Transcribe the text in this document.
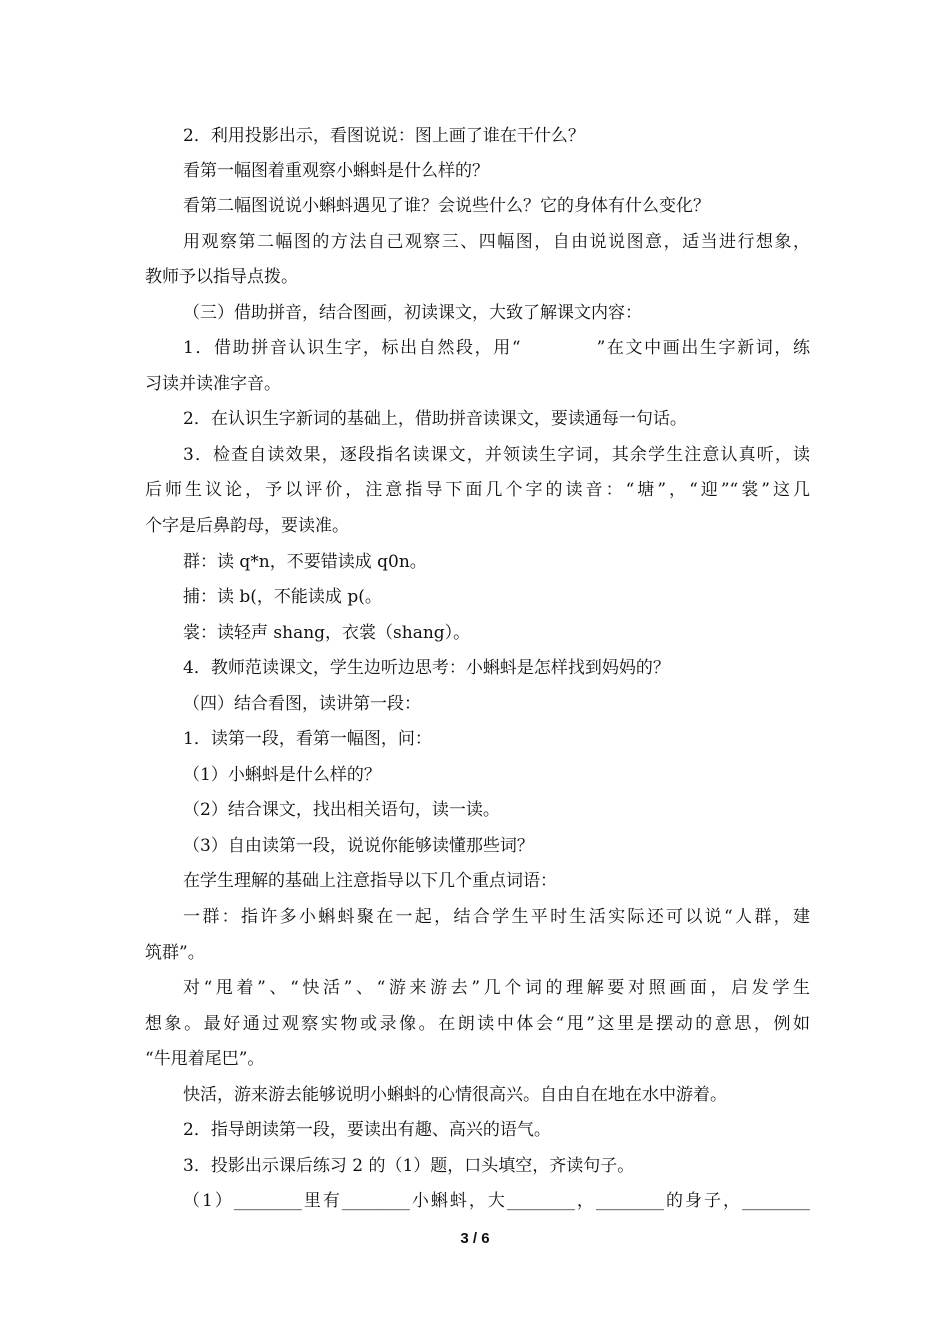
2．利用投影出示，看图说说：图上画了谁在干什么？
看第一幅图着重观察小蝌蚪是什么样的？
看第二幅图说说小蝌蚪遇见了谁？会说些什么？它的身体有什么变化？
用观察第二幅图的方法自己观察三、四幅图，自由说说图意，适当进行想象，
教师予以指导点拨。
（三）借助拼音，结合图画，初读课文，大致了解课文内容：
1．借助拼音认识生字，标出自然段，用“　　　　”在文中画出生字新词，练
习读并读准字音。
2．在认识生字新词的基础上，借助拼音读课文，要读通每一句话。
3．检查自读效果，逐段指名读课文，并领读生字词，其余学生注意认真听，读
后师生议论，予以评价，注意指导下面几个字的读音：“塘”，“迎”“裳”这几
个字是后鼻韵母，要读准。
群：读 q*n，不要错读成 q0n。
捕：读 b(，不能读成 p(。
裳：读轻声 shang，衣裳（shang）。
4．教师范读课文，学生边听边思考：小蝌蚪是怎样找到妈妈的？
（四）结合看图，读讲第一段：
1．读第一段，看第一幅图，问：
（1）小蝌蚪是什么样的？
（2）结合课文，找出相关语句，读一读。
（3）自由读第一段，说说你能够读懂那些词？
在学生理解的基础上注意指导以下几个重点词语：
一群：指许多小蝌蚪聚在一起，结合学生平时生活实际还可以说“人群，建
筑群”。
对“甩着”、“快活”、“游来游去”几个词的理解要对照画面，启发学生
想象。最好通过观察实物或录像。在朗读中体会“甩”这里是摆动的意思，例如
“牛甩着尾巴”。
快活，游来游去能够说明小蝌蚪的心情很高兴。自由自在地在水中游着。
2．指导朗读第一段，要读出有趣、高兴的语气。
3．投影出示课后练习 2 的（1）题，口头填空，齐读句子。
（1）________里有________小蝌蚪，大________，________的身子，________
3 / 6
